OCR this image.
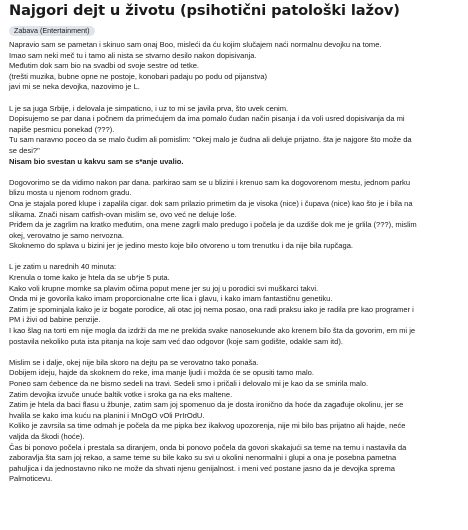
Najgori dejt u životu (psihotični patološki lažov)
Zabava (Entertainment)

Napravio sam se pametan i skinuo sam onaj Boo, misleći da ću kojim slučajem naći normalnu devojku na tome.
Imao sam neki meč tu i tamo ali nista se stvarno desilo nakon dopisivanja.
Međutim dok sam bio na svadbi od svoje sestre od tetke.
(trešti muzika, bubne opne ne postoje, konobari padaju po podu od pijanstva)
javi mi se neka devojka, nazovimo je L.

L je sa juga Srbije, i delovala je simpaticno, i uz to mi se javila prva, što uvek cenim.
Dopisujemo se par dana i počnem da primećujem da ima pomalo čudan način pisanja i da voli usred dopisivanja da mi
napiše pesmicu ponekad (???).
Tu sam naravno poceo da se malo čudim ali pomislim: "Okej malo je čudna ali deluje prijatno. šta je najgore što može da
se desi?"
Nisam bio svestan u kakvu sam se s*anje uvalio.

Dogovorimo se da vidimo nakon par dana. parkirao sam se u blizini i krenuo sam ka dogovorenom mestu, jednom parku
blizu mosta u njenom rodnom gradu.
Ona je stajala pored klupe i zapalila cigar. dok sam prilazio primetim da je visoka (nice) i čupava (nice) kao što je i bila na
slikama. Znači nisam catfish-ovan mislim se, ovo već ne deluje loše.
Priđem da je zagrlim na kratko međutim, ona mene zagrli malo predugo i počela je da uzdiše dok me je grlila (???), mislim
okej, verovatno je samo nervozna.
Skoknemo do splava u bizini jer je jedino mesto koje bilo otvoreno u tom trenutku i da nije bila rupčaga.

L je zatim u narednih 40 minuta:
Krenula o tome kako je htela da se ub*je 5 puta.
Kako voli krupne momke sa plavim očima poput mene jer su joj u porodici svi muškarci takvi.
Onda mi je govorila kako imam proporcionalne crte lica i glavu, i kako imam fantastičnu genetiku.
Zatim je spominjala kako je iz bogate porodice, ali otac joj nema posao, ona radi praksu iako je radila pre kao programer i
PM i živi od babine penzije.
I kao šlag na torti em nije mogla da izdrži da me ne prekida svake nanosekunde ako krenem bilo šta da govorim, em mi je
postavila nekoliko puta ista pitanja na koje sam već dao odgovor (koje sam godište, odakle sam itd).

Mislim se i dalje, okej nije bila skoro na dejtu pa se verovatno tako ponaša.
Dobijem ideju, hajde da skoknem do reke, ima manje ljudi i možda će se opusiti tamo malo.
Poneo sam ćebence da ne bismo sedeli na travi. Sedeli smo i pričali i delovalo mi je kao da se smirila malo.
Zatim devojka izvuče unuće baltik votke i sroka ga na eks maltene.
Zatim je htela da baci flasu u žbunje, zatim sam joj spomenuo da je dosta ironično da hoće da zagađuje okolinu, jer se
hvalila se kako ima kuću na planini i MnOgO vOli PrIrOdU.
Koliko je zavrsila sa time odmah je počela da me pipka bez ikakvog upozorenja, nije mi bilo bas prijatno ali hajde, neće
valjda da škodi (hoće).
Čas bi ponovo počela i prestala sa diranjem, onda bi ponovo počela da govori skakajući sa teme na temu i nastavila da
zaboravlja šta sam joj rekao, a same teme su bile kako su svi u okolini nenormalni i glupi a ona je posebna pametna
pahuljica i da jednostavno niko ne može da shvati njenu genijalnost. i meni već postane jasno da je devojka sprema
Palmoticevu.
